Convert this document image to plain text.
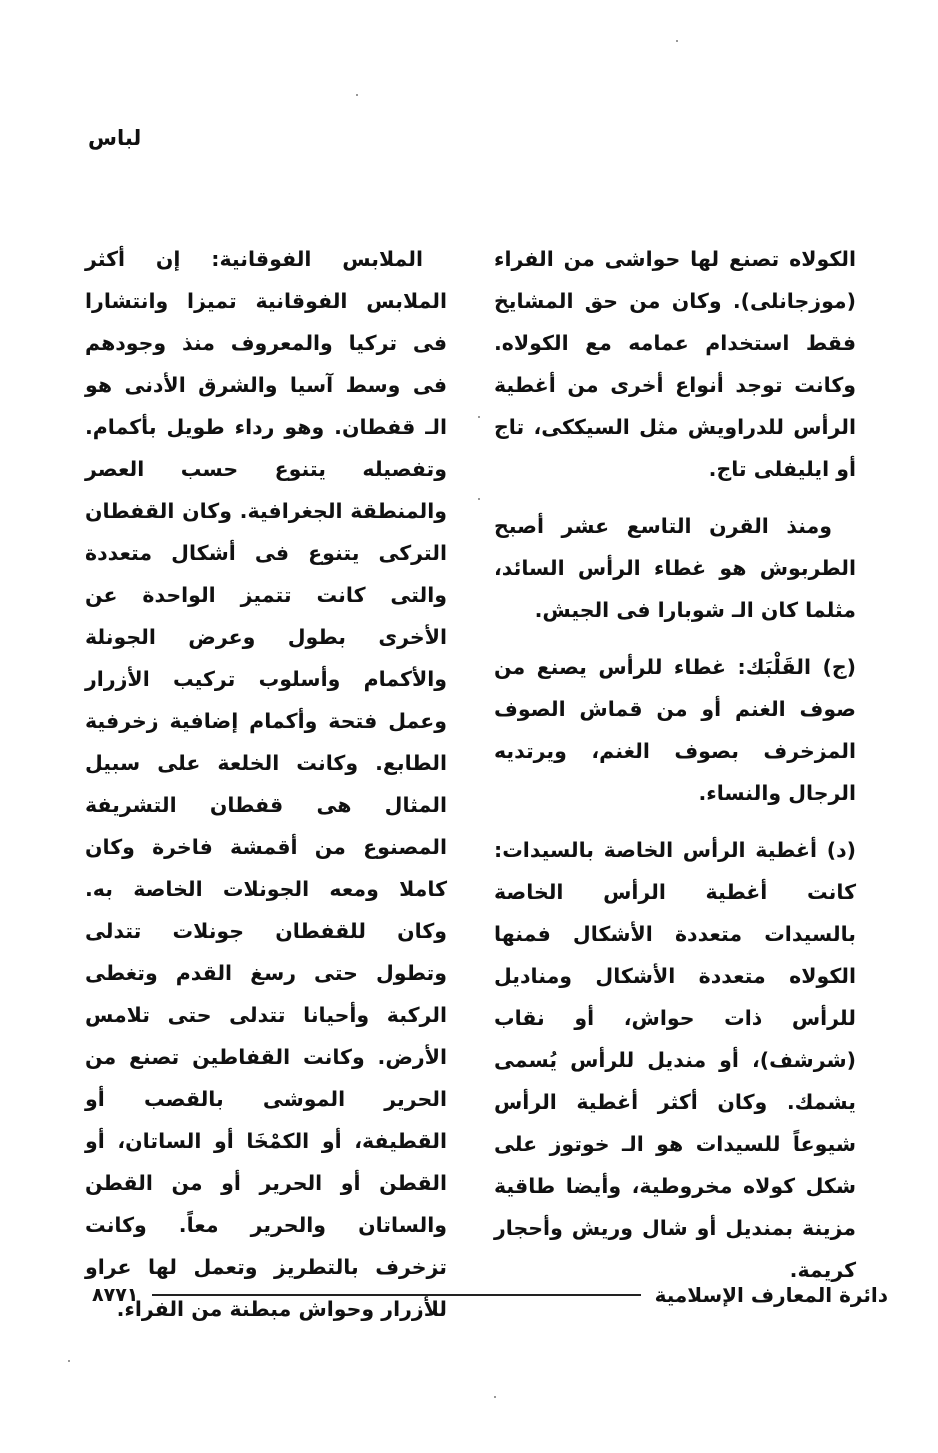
لباس

الكولاه تصنع لها حواشى من الفراء (موزجانلى). وكان من حق المشايخ فقط استخدام عمامه مع الكولاه. وكانت توجد أنواع أخرى من أغطية الرأس للدراويش مثل السيككى، تاج أو ايليفلى تاج.

ومنذ القرن التاسع عشر أصبح الطربوش هو غطاء الرأس السائد، مثلما كان الـ شوبارا فى الجيش.

(ج) القَلْبَك: غطاء للرأس يصنع من صوف الغنم أو من قماش الصوف المزخرف بصوف الغنم، ويرتديه الرجال والنساء.

(د) أغطية الرأس الخاصة بالسيدات: كانت أغطية الرأس الخاصة بالسيدات متعددة الأشكال فمنها الكولاه متعددة الأشكال ومناديل للرأس ذات حواش، أو نقاب (شرشف)، أو منديل للرأس يُسمى يشمك. وكان أكثر أغطية الرأس شيوعاً للسيدات هو الـ خوتوز على شكل كولاه مخروطية، وأيضا طاقية مزينة بمنديل أو شال وريش وأحجار كريمة.

الملابس الفوقانية: إن أكثر الملابس الفوقانية تميزا وانتشارا فى تركيا والمعروف منذ وجودهم فى وسط آسيا والشرق الأدنى هو الـ قفطان. وهو رداء طويل بأكمام. وتفصيله يتنوع حسب العصر والمنطقة الجغرافية. وكان القفطان التركى يتنوع فى أشكال متعددة والتى كانت تتميز الواحدة عن الأخرى بطول وعرض الجونلة والأكمام وأسلوب تركيب الأزرار وعمل فتحة وأكمام إضافية زخرفية الطابع. وكانت الخلعة على سبيل المثال هى قفطان التشريفة المصنوع من أقمشة فاخرة وكان كاملا ومعه الجونلات الخاصة به. وكان للقفطان جونلات تتدلى وتطول حتى رسغ القدم وتغطى الركبة وأحيانا تتدلى حتى تلامس الأرض. وكانت القفاطين تصنع من الحرير الموشى بالقصب أو القطيفة، أو الكمْخَا أو الساتان، أو القطن أو الحرير أو من القطن والساتان والحرير معاً. وكانت تزخرف بالتطريز وتعمل لها عراو للأزرار وحواش مبطنة من الفراء.

دائرة المعارف الإسلامية
٨٧٧١
